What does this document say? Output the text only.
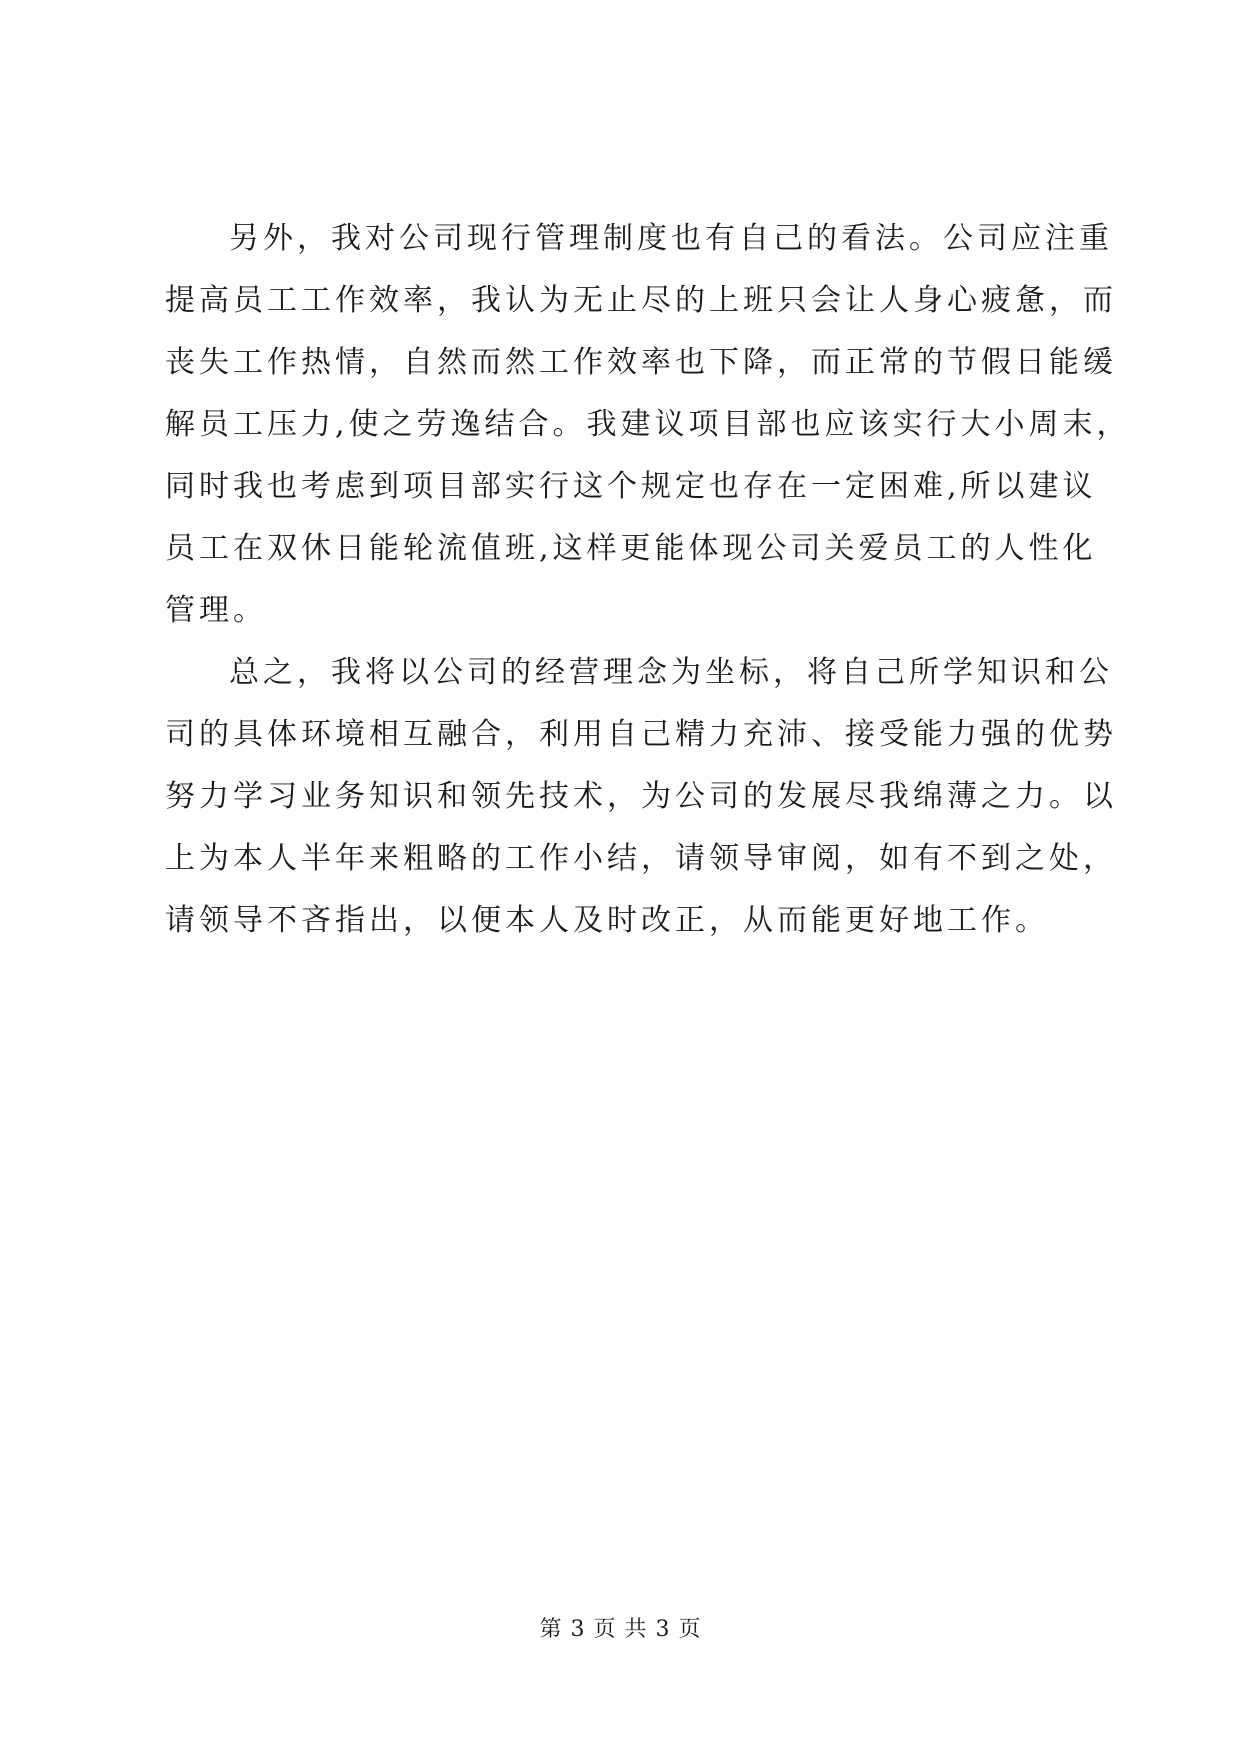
另外，我对公司现行管理制度也有自己的看法。公司应注重
提高员工工作效率，我认为无止尽的上班只会让人身心疲惫，而
丧失工作热情，自然而然工作效率也下降，而正常的节假日能缓
解员工压力,使之劳逸结合。我建议项目部也应该实行大小周末，
同时我也考虑到项目部实行这个规定也存在一定困难,所以建议
员工在双休日能轮流值班,这样更能体现公司关爱员工的人性化
管理。
总之，我将以公司的经营理念为坐标，将自己所学知识和公
司的具体环境相互融合，利用自己精力充沛、接受能力强的优势
努力学习业务知识和领先技术，为公司的发展尽我绵薄之力。以
上为本人半年来粗略的工作小结，请领导审阅，如有不到之处，
请领导不吝指出，以便本人及时改正，从而能更好地工作。
第 3 页 共 3 页
